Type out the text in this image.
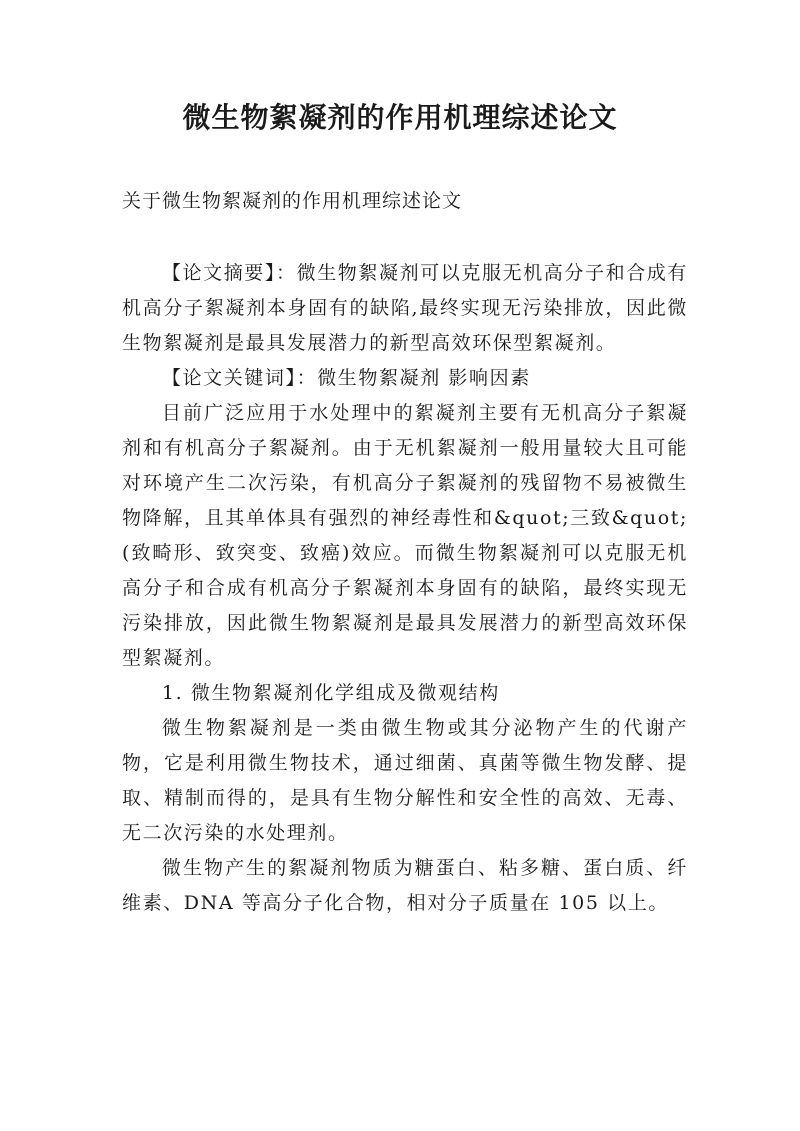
微生物絮凝剂的作用机理综述论文

关于微生物絮凝剂的作用机理综述论文

【论文摘要】：微生物絮凝剂可以克服无机高分子和合成有机高分子絮凝剂本身固有的缺陷,最终实现无污染排放，因此微生物絮凝剂是最具发展潜力的新型高效环保型絮凝剂。

【论文关键词】：微生物絮凝剂 影响因素

目前广泛应用于水处理中的絮凝剂主要有无机高分子絮凝剂和有机高分子絮凝剂。由于无机絮凝剂一般用量较大且可能对环境产生二次污染，有机高分子絮凝剂的残留物不易被微生物降解，且其单体具有强烈的神经毒性和&quot;三致&quot;(致畸形、致突变、致癌)效应。而微生物絮凝剂可以克服无机高分子和合成有机高分子絮凝剂本身固有的缺陷，最终实现无污染排放，因此微生物絮凝剂是最具发展潜力的新型高效环保型絮凝剂。

1. 微生物絮凝剂化学组成及微观结构

微生物絮凝剂是一类由微生物或其分泌物产生的代谢产物，它是利用微生物技术，通过细菌、真菌等微生物发酵、提取、精制而得的，是具有生物分解性和安全性的高效、无毒、无二次污染的水处理剂。

微生物产生的絮凝剂物质为糖蛋白、粘多糖、蛋白质、纤维素、DNA 等高分子化合物，相对分子质量在 105 以上。
